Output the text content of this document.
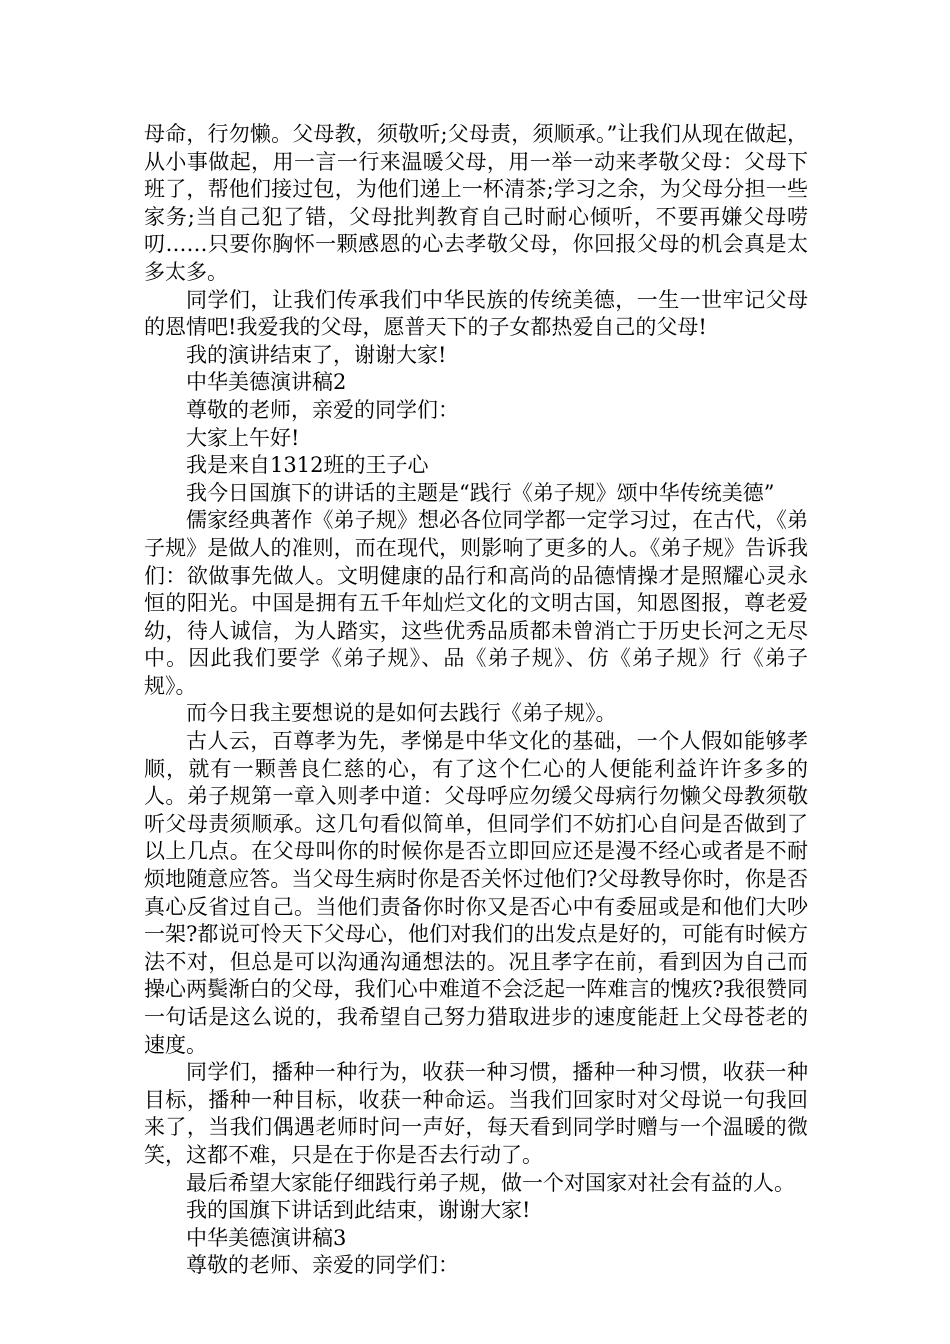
母命，行勿懒。父母教，须敬听;父母责，须顺承。”让我们从现在做起，从小事做起，用一言一行来温暖父母，用一举一动来孝敬父母：父母下班了，帮他们接过包，为他们递上一杯清茶;学习之余，为父母分担一些家务;当自己犯了错，父母批判教育自己时耐心倾听，不要再嫌父母唠叨……只要你胸怀一颗感恩的心去孝敬父母，你回报父母的机会真是太多太多。

同学们，让我们传承我们中华民族的传统美德，一生一世牢记父母的恩情吧!我爱我的父母，愿普天下的子女都热爱自己的父母!

我的演讲结束了，谢谢大家!

中华美德演讲稿2

尊敬的老师，亲爱的同学们：

大家上午好!

我是来自1312班的王子心

我今日国旗下的讲话的主题是“践行《弟子规》颂中华传统美德”

儒家经典著作《弟子规》想必各位同学都一定学习过，在古代，《弟子规》是做人的准则，而在现代，则影响了更多的人。《弟子规》告诉我们：欲做事先做人。文明健康的品行和高尚的品德情操才是照耀心灵永恒的阳光。中国是拥有五千年灿烂文化的文明古国，知恩图报，尊老爱幼，待人诚信，为人踏实，这些优秀品质都未曾消亡于历史长河之无尽中。因此我们要学《弟子规》、品《弟子规》、仿《弟子规》行《弟子规》。

而今日我主要想说的是如何去践行《弟子规》。

古人云，百尊孝为先，孝悌是中华文化的基础，一个人假如能够孝顺，就有一颗善良仁慈的心，有了这个仁心的人便能利益许许多多的人。弟子规第一章入则孝中道：父母呼应勿缓父母病行勿懒父母教须敬听父母责须顺承。这几句看似简单，但同学们不妨扪心自问是否做到了以上几点。在父母叫你的时候你是否立即回应还是漫不经心或者是不耐烦地随意应答。当父母生病时你是否关怀过他们?父母教导你时，你是否真心反省过自己。当他们责备你时你又是否心中有委屈或是和他们大吵一架?都说可怜天下父母心，他们对我们的出发点是好的，可能有时候方法不对，但总是可以沟通沟通想法的。况且孝字在前，看到因为自己而操心两鬓渐白的父母，我们心中难道不会泛起一阵难言的愧疚?我很赞同一句话是这么说的，我希望自己努力猎取进步的速度能赶上父母苍老的速度。

同学们，播种一种行为，收获一种习惯，播种一种习惯，收获一种目标，播种一种目标，收获一种命运。当我们回家时对父母说一句我回来了，当我们偶遇老师时问一声好，每天看到同学时赠与一个温暖的微笑，这都不难，只是在于你是否去行动了。

最后希望大家能仔细践行弟子规，做一个对国家对社会有益的人。

我的国旗下讲话到此结束，谢谢大家!

中华美德演讲稿3

尊敬的老师、亲爱的同学们：
